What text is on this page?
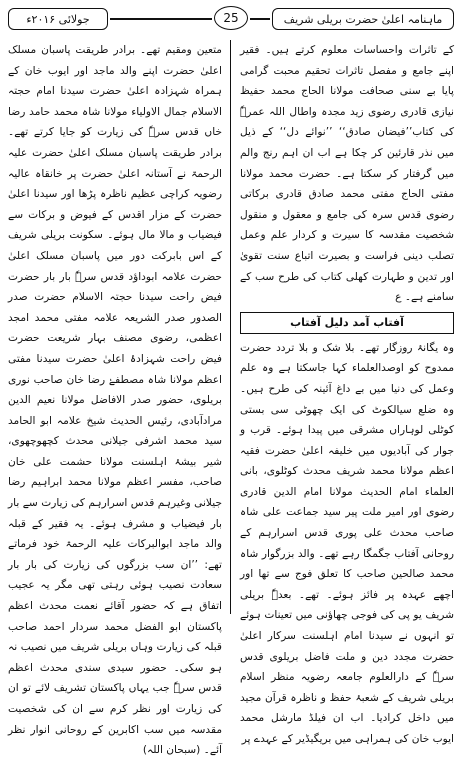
ماہنامہ اعلیٰ حضرت بریلی شریف
25
جولائی ۲۰۱۶ء

کے تاثرات واحساسات معلوم کرتے ہیں۔ فقیر اپنے جامع و مفصل تاثرات تحقیم محبت گرامی پایا بے سنی صحافت مولانا الحاج محمد حفیظ نیازی قادری رضوی زید مجدہ واطال اللہ عمرہٗ کی کتاب’’فیضان صادق‘‘ ’’نوائے دل‘‘ کے ذیل میں نذر قارئین کر چکا ہے اب ان اہم رنج والم میں گرفتار کر سکتا ہے۔ حضرت محمد مولانا مفتی الحاج مفتی محمد صادق قادری برکاتی رضوی قدس سرہ کی جامع و معقول و منقول شخصیت مقدسہ کا سیرت و کردار علم وعمل تصلب دینی فراست و بصیرت اتباع سنت تقویٰ اور تدین و طہارت کھلی کتاب کی طرح سب کے سامنے ہے۔ ع

آفتاب آمد دلیل آفتاب

وہ یگانۂ روزگار تھے۔ بلا شک و بلا تردد حضرت ممدوح کو اوصدالعلماء کہا جاسکتا ہے وہ علم وعمل کی دنیا میں بے داغ آئینہ کی طرح ہیں۔ وہ ضلع سیالکوٹ کی ایک چھوٹی سی بستی کوٹلی لوہاراں مشرقی میں پیدا ہوئے۔ قرب و جوار کی آبادیوں میں خلیفہ اعلیٰ حضرت فقیہ اعظم مولانا محمد شریف محدث کوٹلوی، بانی العلماء امام الحدیث مولانا امام الدین قادری رضوی اور امیر ملت پیر سید جماعت علی شاہ صاحب محدث علی پوری قدس اسرارہم کے روحانی آفتاب جگمگا رہے تھے۔ والد بزرگوار شاہ محمد صالحین صاحب کا تعلق فوج سے تھا اور اچھے عہدہ پر فائز ہوئے۔ تھے۔ بعدہٗ بریلی شریف یو پی کی فوجی چھاؤنی میں تعینات ہوئے تو انہوں نے سیدنا امام اہلسنت سرکار اعلیٰ حضرت مجدد دین و ملت فاضل بریلوی قدس سرہٗ کے دارالعلوم جامعہ رضویہ منظر اسلام بریلی شریف کے شعبۂ حفظ و ناظرہ قرآن مجید میں داخل کرادیا۔ اب ان فیلڈ مارشل محمد ایوب خان کی ہمراہی میں بریگیڈیر کے عہدے پر

متعین ومقیم تھے۔ برادر طریقت پاسبان مسلک اعلیٰ حضرت اپنے والد ماجد اور ایوب خان کے ہمراہ شہزادہ اعلیٰ حضرت سیدنا امام حجتہ الاسلام جمال الاولیاء مولانا شاہ محمد حامد رضا خاں قدس سرہٗ کی زیارت کو جایا کرتے تھے۔ برادر طریقت پاسبان مسلک اعلیٰ حضرت علیہ الرحمۃ نے آستانہ اعلیٰ حضرت پر خانقاہ عالیہ رضویہ کراچی عظیم ناظرہ پڑھا اور سیدنا اعلیٰ حضرت کے مزار اقدس کے فیوض و برکات سے فیضیاب و مالا مال ہوئے۔ سکونت بریلی شریف کے اس بابرکت دور میں پاسبان مسلک اعلیٰ حضرت علامہ ابوداؤد قدس سرہٗ بار بار حضرت فیض راحت سیدنا حجتہ الاسلام حضرت صدر الصدور صدر الشریعہ علامہ مفتی محمد امجد اعظمی، رضوی مصنف بہار شریعت حضرت فیض راحت شہزادۂ اعلیٰ حضرت سیدنا مفتی اعظم مولانا شاہ مصطفےٰ رضا خان صاحب نوری بریلوی، حضور صدر الافاضل مولانا نعیم الدین مرادآبادی، رئیس الحدیث شیخ علامہ ابو الحامد سید محمد اشرفی جیلانی محدث کچھوچھوی، شیر بیشۂ اہلسنت مولانا حشمت علی خان صاحب، مفسر اعظم مولانا محمد ابراہیم رضا جیلانی وغیرہم قدس اسرارہم کی زیارت سے بار بار فیضیاب و مشرف ہوئے۔ یہ فقیر کے قبلہ والد ماجد ابوالبرکات علیہ الرحمۃ خود فرماتے تھے: ’’ان سب بزرگوں کی زیارت کی بار بار سعادت نصیب ہوئی رہتی تھی مگر یہ عجیب اتفاق ہے کہ حضور آقائے نعمت محدث اعظم پاکستان ابو الفضل محمد سردار احمد صاحب قبلہ کی زیارت وہاں بریلی شریف میں نصیب نہ ہو سکی۔ حضور سیدی سندی محدث اعظم قدس سرہٗ جب یہاں پاکستان تشریف لائے تو ان کی زیارت اور نظر کرم سے ان کی شخصیت مقدسہ میں سب اکابرین کے روحانی انوار نظر آئے۔ (سبحان اللہ)
